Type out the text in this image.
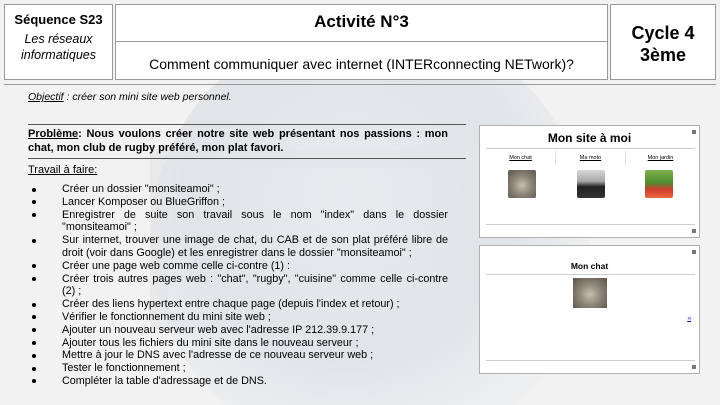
Séquence S23
Les réseaux informatiques
Activité N°3
Comment communiquer avec internet (INTERconnecting NETwork)?
Cycle 4 3ème
Objectif : créer son mini site web personnel.
Problème: Nous voulons créer notre site web présentant nos passions : mon chat, mon club de rugby préféré, mon plat favori.
Travail à faire:
Créer un dossier "monsiteamoi" ;
Lancer Komposer ou BlueGriffon ;
Enregistrer de suite son travail sous le nom "index" dans le dossier "monsiteamoi" ;
Sur internet, trouver une image de chat, du CAB et de son plat préféré libre de droit (voir dans Google) et les enregistrer dans le dossier "monsiteamoi" ;
Créer une page web comme celle ci-contre (1) :
Créer trois autres pages web : "chat", "rugby", "cuisine" comme celle ci-contre (2) ;
Créer des liens hypertext entre chaque page (depuis l'index et retour) ;
Vérifier le fonctionnement du mini site web ;
Ajouter un nouveau serveur web avec l'adresse IP 212.39.9.177 ;
Ajouter tous les fichiers du mini site dans le nouveau serveur ;
Mettre à jour le DNS avec l'adresse de ce nouveau serveur web ;
Tester le fonctionnement ;
Compléter la table d'adressage et de DNS.
Mon site à moi
Mon chat	Ma moto	Mon jardin
Mon chat
⟲
